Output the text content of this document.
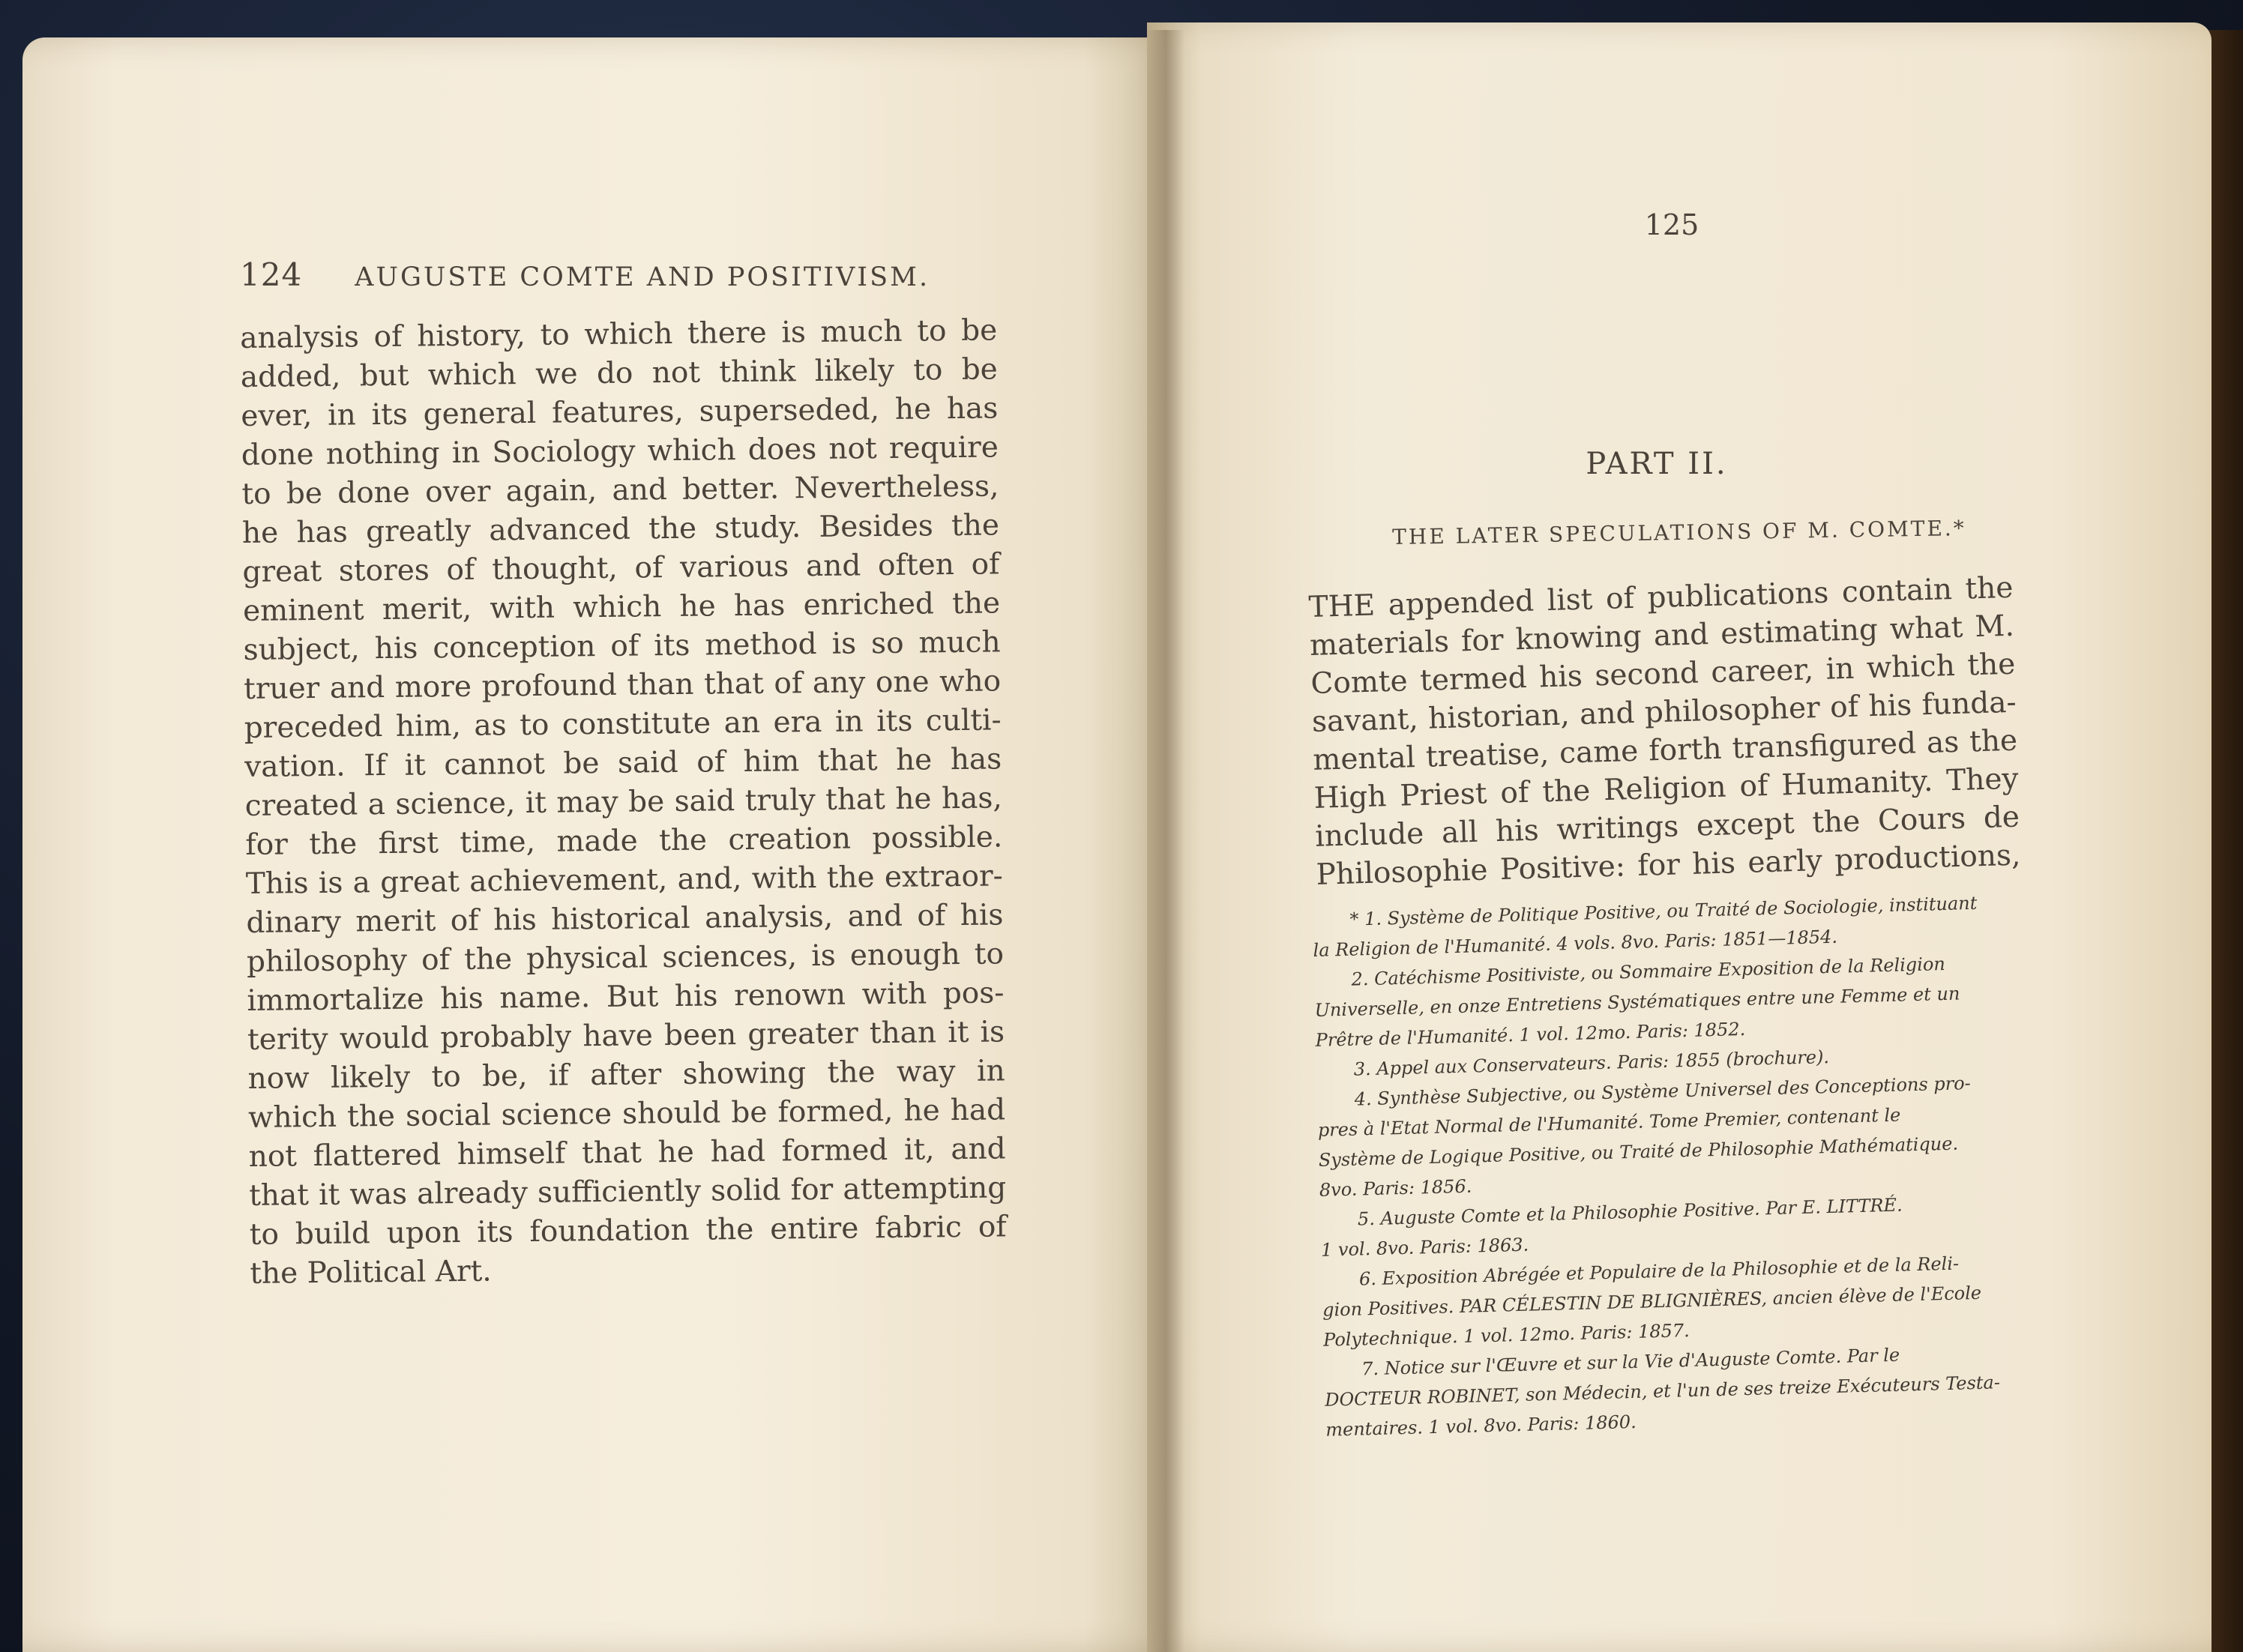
124 AUGUSTE COMTE AND POSITIVISM.
analysis of history, to which there is much to be
added, but which we do not think likely to be
ever, in its general features, superseded, he has
done nothing in Sociology which does not require
to be done over again, and better. Nevertheless,
he has greatly advanced the study. Besides the
great stores of thought, of various and often of
eminent merit, with which he has enriched the
subject, his conception of its method is so much
truer and more profound than that of any one who
preceded him, as to constitute an era in its culti-
vation. If it cannot be said of him that he has
created a science, it may be said truly that he has,
for the first time, made the creation possible.
This is a great achievement, and, with the extraor-
dinary merit of his historical analysis, and of his
philosophy of the physical sciences, is enough to
immortalize his name. But his renown with pos-
terity would probably have been greater than it is
now likely to be, if after showing the way in
which the social science should be formed, he had
not flattered himself that he had formed it, and
that it was already sufficiently solid for attempting
to build upon its foundation the entire fabric of
the Political Art.
125
PART II.
THE LATER SPECULATIONS OF M. COMTE.*
THE appended list of publications contain the
materials for knowing and estimating what M.
Comte termed his second career, in which the
savant, historian, and philosopher of his funda-
mental treatise, came forth transfigured as the
High Priest of the Religion of Humanity. They
include all his writings except the Cours de
Philosophie Positive: for his early productions,
* 1. Système de Politique Positive, ou Traité de Sociologie, instituant
la Religion de l'Humanité. 4 vols. 8vo. Paris: 1851—1854.
2. Catéchisme Positiviste, ou Sommaire Exposition de la Religion
Universelle, en onze Entretiens Systématiques entre une Femme et un
Prêtre de l'Humanité. 1 vol. 12mo. Paris: 1852.
3. Appel aux Conservateurs. Paris: 1855 (brochure).
4. Synthèse Subjective, ou Système Universel des Conceptions pro-
pres à l'Etat Normal de l'Humanité. Tome Premier, contenant le
Système de Logique Positive, ou Traité de Philosophie Mathématique.
8vo. Paris: 1856.
5. Auguste Comte et la Philosophie Positive. Par E. LITTRÉ.
1 vol. 8vo. Paris: 1863.
6. Exposition Abrégée et Populaire de la Philosophie et de la Reli-
gion Positives. PAR CÉLESTIN DE BLIGNIÈRES, ancien élève de l'Ecole
Polytechnique. 1 vol. 12mo. Paris: 1857.
7. Notice sur l'Œuvre et sur la Vie d'Auguste Comte. Par le
DOCTEUR ROBINET, son Médecin, et l'un de ses treize Exécuteurs Testa-
mentaires. 1 vol. 8vo. Paris: 1860.
